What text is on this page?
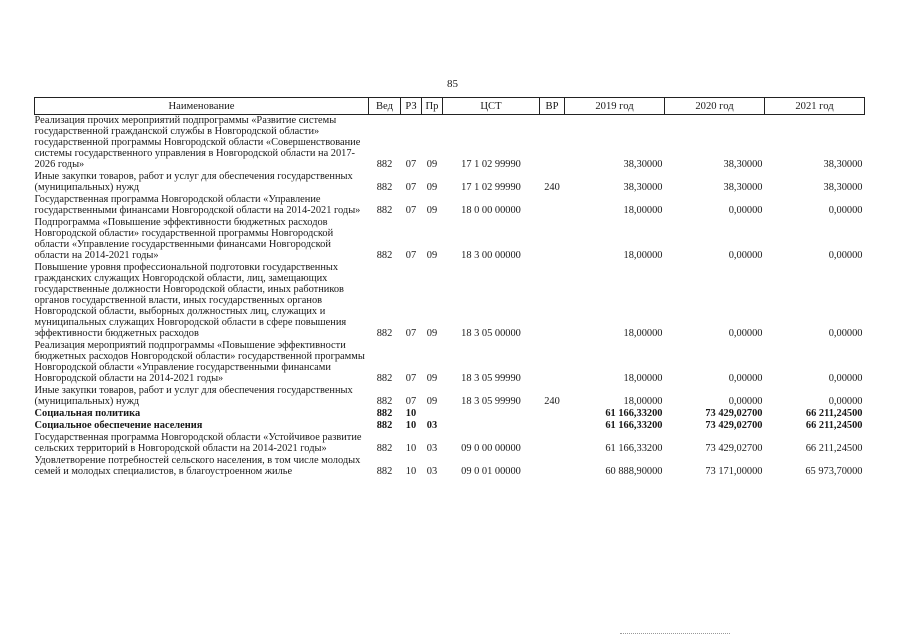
85
Наименование	Вед	РЗ	Пр	ЦСТ	ВР	2019 год	2020 год	2021 год
Реализация прочих мероприятий подпрограммы «Развитие системы государственной гражданской службы в Новгородской области» государственной программы Новгородской области «Совершенствование системы государственного управления в Новгородской области на 2017-2026 годы»	882	07	09	17 1 02 99990		38,30000	38,30000	38,30000
Иные закупки товаров, работ и услуг для обеспечения государственных (муниципальных) нужд	882	07	09	17 1 02 99990	240	38,30000	38,30000	38,30000
Государственная программа Новгородской области «Управление государственными финансами Новгородской области на 2014-2021 годы»	882	07	09	18 0 00 00000		18,00000	0,00000	0,00000
Подпрограмма «Повышение эффективности бюджетных расходов Новгородской области» государственной программы Новгородской области «Управление государственными финансами Новгородской области на 2014-2021 годы»	882	07	09	18 3 00 00000		18,00000	0,00000	0,00000
Повышение уровня профессиональной подготовки государственных гражданских служащих Новгородской области, лиц, замещающих государственные должности Новгородской области, иных работников органов государственной власти, иных государственных органов Новгородской области, выборных должностных лиц, служащих и муниципальных служащих Новгородской области в сфере повышения эффективности бюджетных расходов	882	07	09	18 3 05 00000		18,00000	0,00000	0,00000
Реализация мероприятий подпрограммы «Повышение эффективности бюджетных расходов Новгородской области» государственной программы Новгородской области «Управление государственными финансами Новгородской области на 2014-2021 годы»	882	07	09	18 3 05 99990		18,00000	0,00000	0,00000
Иные закупки товаров, работ и услуг для обеспечения государственных (муниципальных) нужд	882	07	09	18 3 05 99990	240	18,00000	0,00000	0,00000
Социальная политика	882	10				61 166,33200	73 429,02700	66 211,24500
Социальное обеспечение населения	882	10	03			61 166,33200	73 429,02700	66 211,24500
Государственная программа Новгородской области «Устойчивое развитие сельских территорий в Новгородской области на 2014-2021 годы»	882	10	03	09 0 00 00000		61 166,33200	73 429,02700	66 211,24500
Удовлетворение потребностей сельского населения, в том числе молодых семей и молодых специалистов, в благоустроенном жилье	882	10	03	09 0 01 00000		60 888,90000	73 171,00000	65 973,70000
